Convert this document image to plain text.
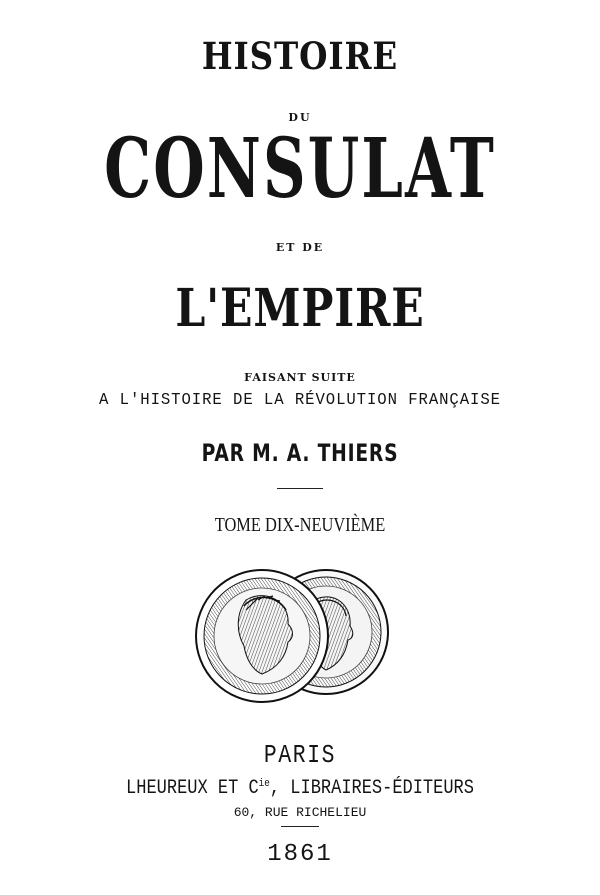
HISTOIRE
DU
CONSULAT
ET DE
L'EMPIRE
FAISANT SUITE
A L'HISTOIRE DE LA RÉVOLUTION FRANÇAISE
PAR M. A. THIERS
TOME DIX-NEUVIÈME
PARIS
LHEUREUX ET $C^{ie}$, LIBRAIRES-ÉDITEURS
60, RUE RICHELIEU
1861
